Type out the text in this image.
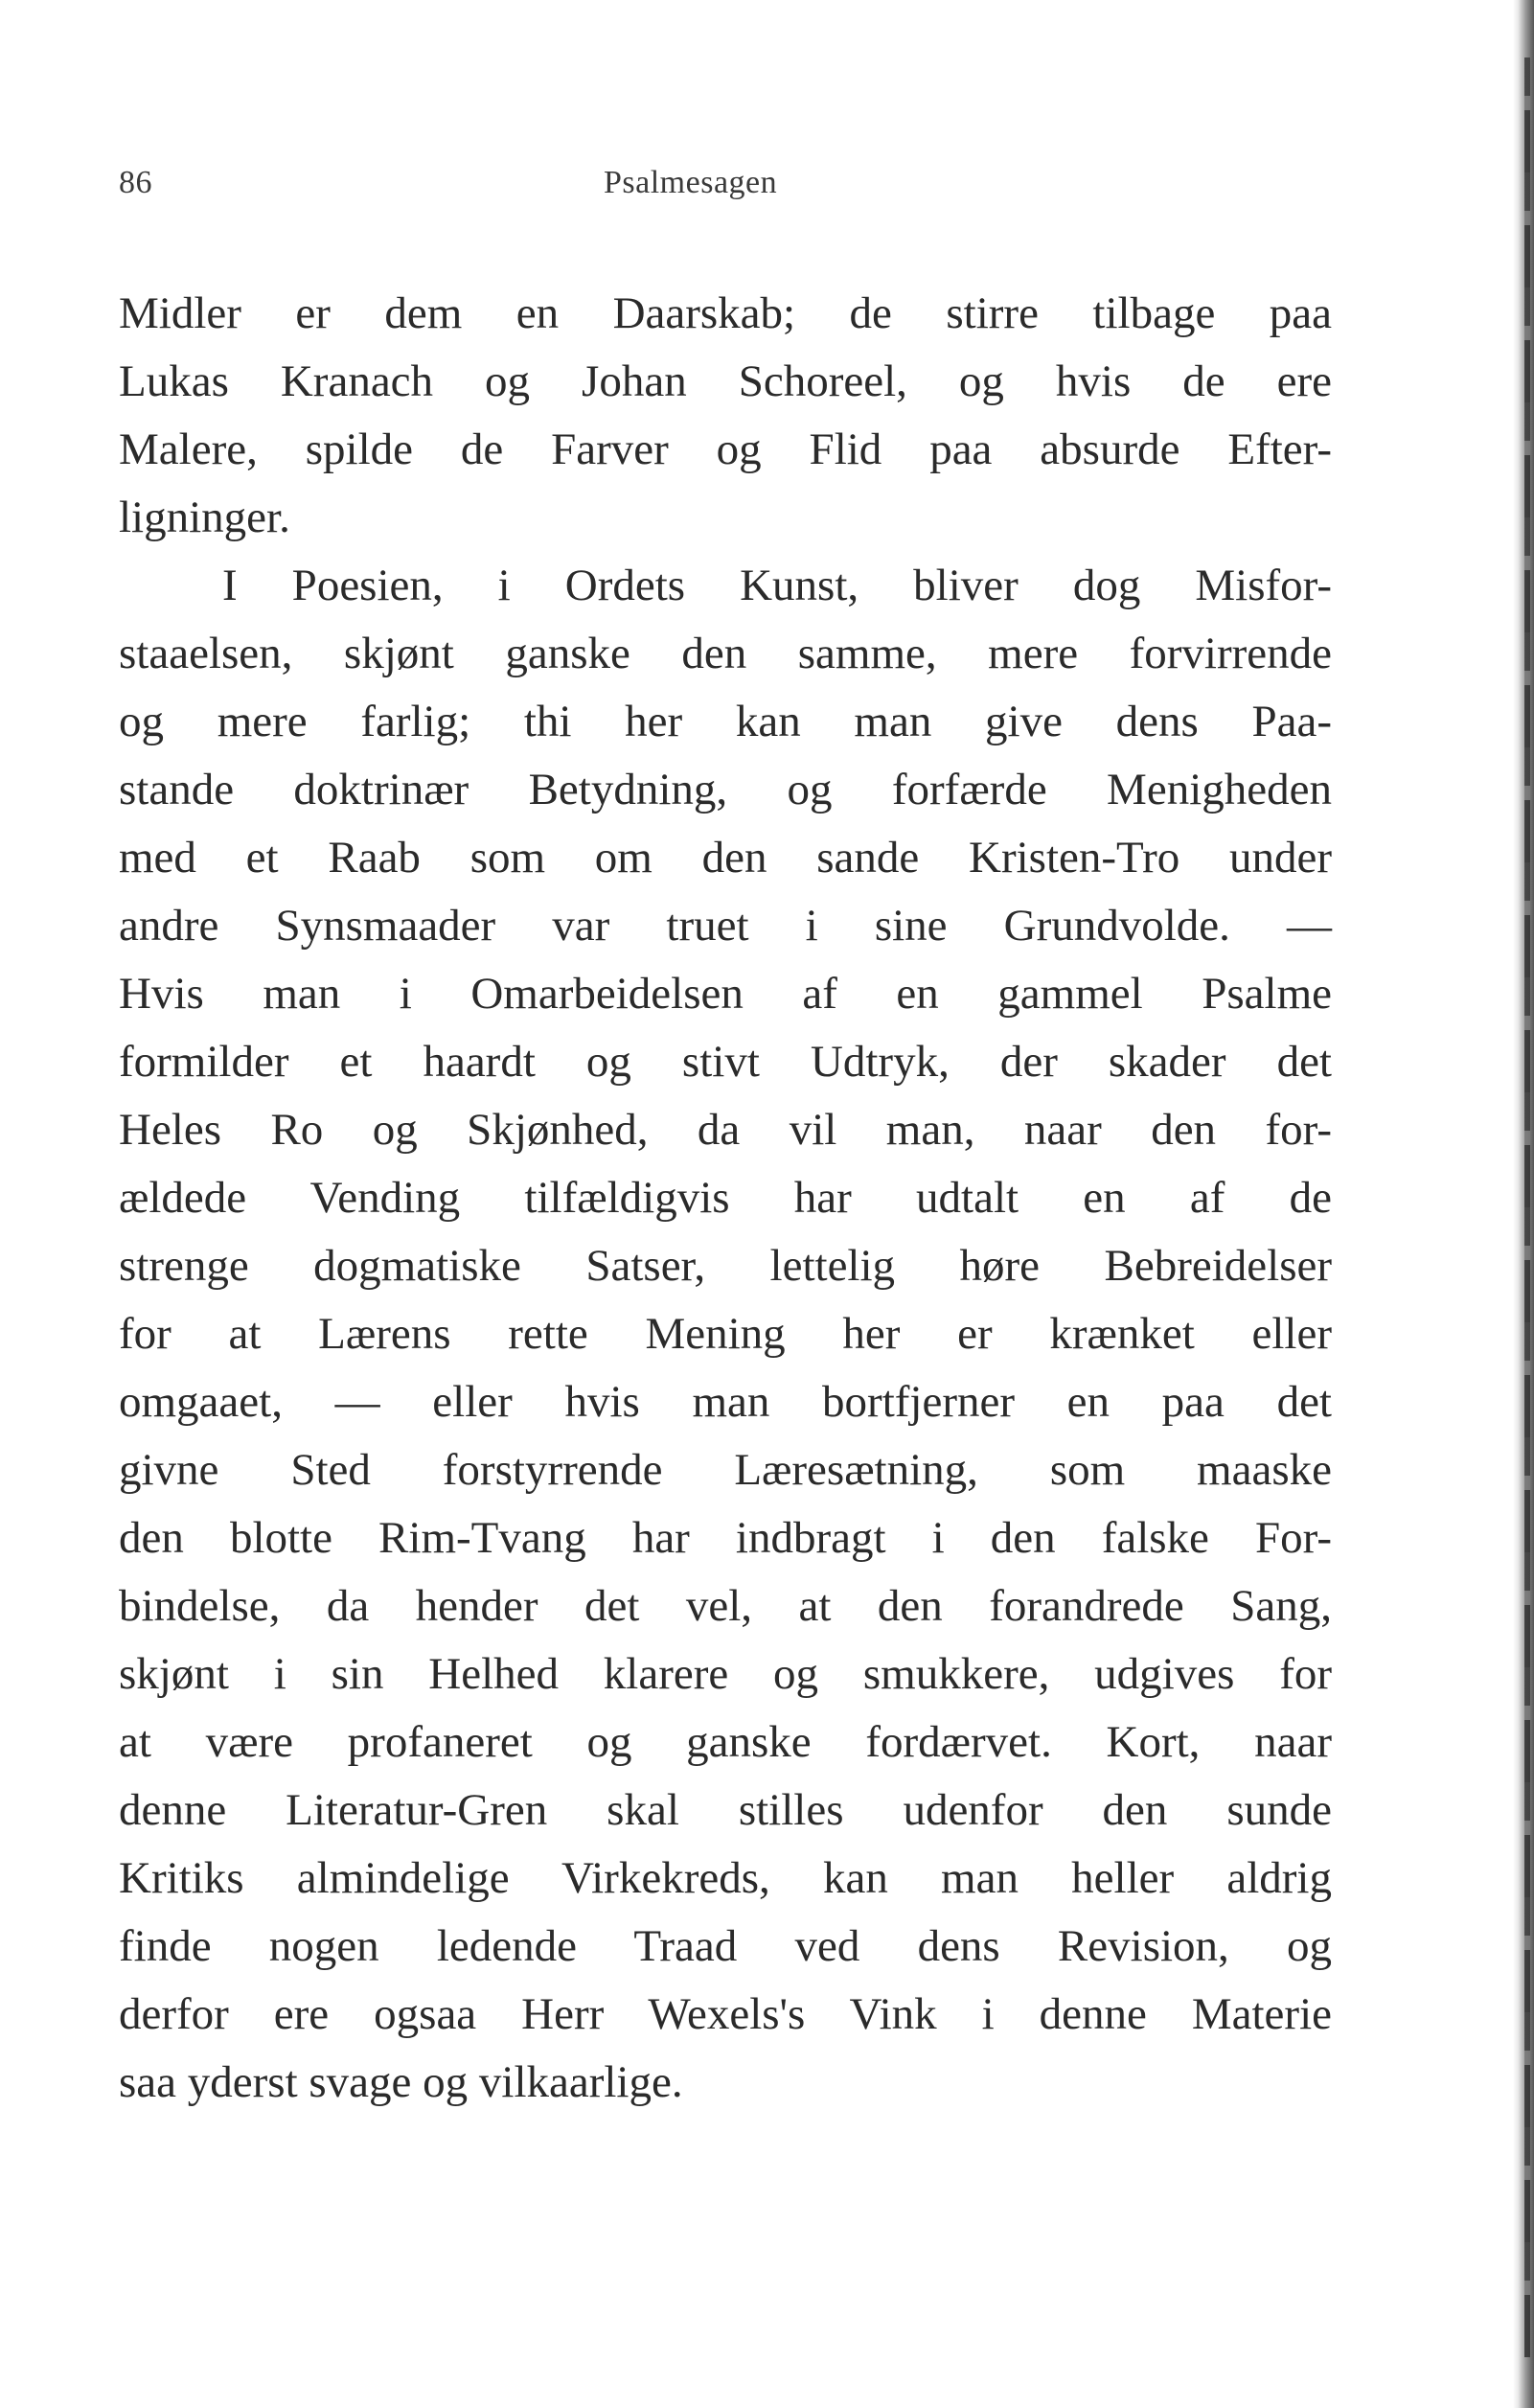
86	Psalmesagen
Midler er dem en Daarskab; de stirre tilbage paa
Lukas Kranach og Johan Schoreel, og hvis de ere
Malere, spilde de Farver og Flid paa absurde Efter-
ligninger.
I Poesien, i Ordets Kunst, bliver dog Misfor-
staaelsen, skjønt ganske den samme, mere forvirrende
og mere farlig; thi her kan man give dens Paa-
stande doktrinær Betydning, og forfærde Menigheden
med et Raab som om den sande Kristen-Tro under
andre Synsmaader var truet i sine Grundvolde. —
Hvis man i Omarbeidelsen af en gammel Psalme
formilder et haardt og stivt Udtryk, der skader det
Heles Ro og Skjønhed, da vil man, naar den for-
ældede Vending tilfældigvis har udtalt en af de
strenge dogmatiske Satser, lettelig høre Bebreidelser
for at Lærens rette Mening her er krænket eller
omgaaet, — eller hvis man bortfjerner en paa det
givne Sted forstyrrende Læresætning, som maaske
den blotte Rim-Tvang har indbragt i den falske For-
bindelse, da hender det vel, at den forandrede Sang,
skjønt i sin Helhed klarere og smukkere, udgives for
at være profaneret og ganske fordærvet. Kort, naar
denne Literatur-Gren skal stilles udenfor den sunde
Kritiks almindelige Virkekreds, kan man heller aldrig
finde nogen ledende Traad ved dens Revision, og
derfor ere ogsaa Herr Wexels's Vink i denne Materie
saa yderst svage og vilkaarlige.
